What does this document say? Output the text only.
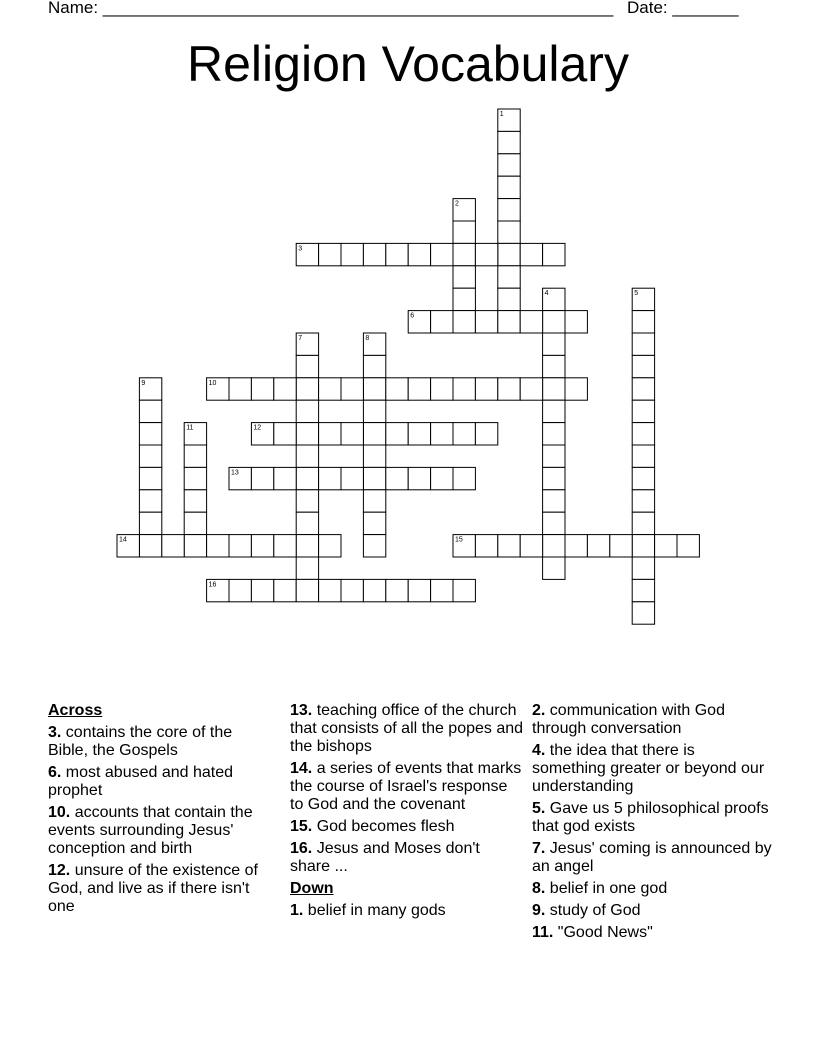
Name: ______________________________________________________ Date: _______
Religion Vocabulary
1
2
3
4	5
6
7	8
9	10
11	12
13
14	15
16
Across
3. contains the core of the Bible, the Gospels
6. most abused and hated prophet
10. accounts that contain the events surrounding Jesus' conception and birth
12. unsure of the existence of God, and live as if there isn't one
13. teaching office of the church that consists of all the popes and the bishops
14. a series of events that marks the course of Israel's response to God and the covenant
15. God becomes flesh
16. Jesus and Moses don't share ...
Down
1. belief in many gods
2. communication with God through conversation
4. the idea that there is something greater or beyond our understanding
5. Gave us 5 philosophical proofs that god exists
7. Jesus' coming is announced by an angel
8. belief in one god
9. study of God
11. "Good News"
